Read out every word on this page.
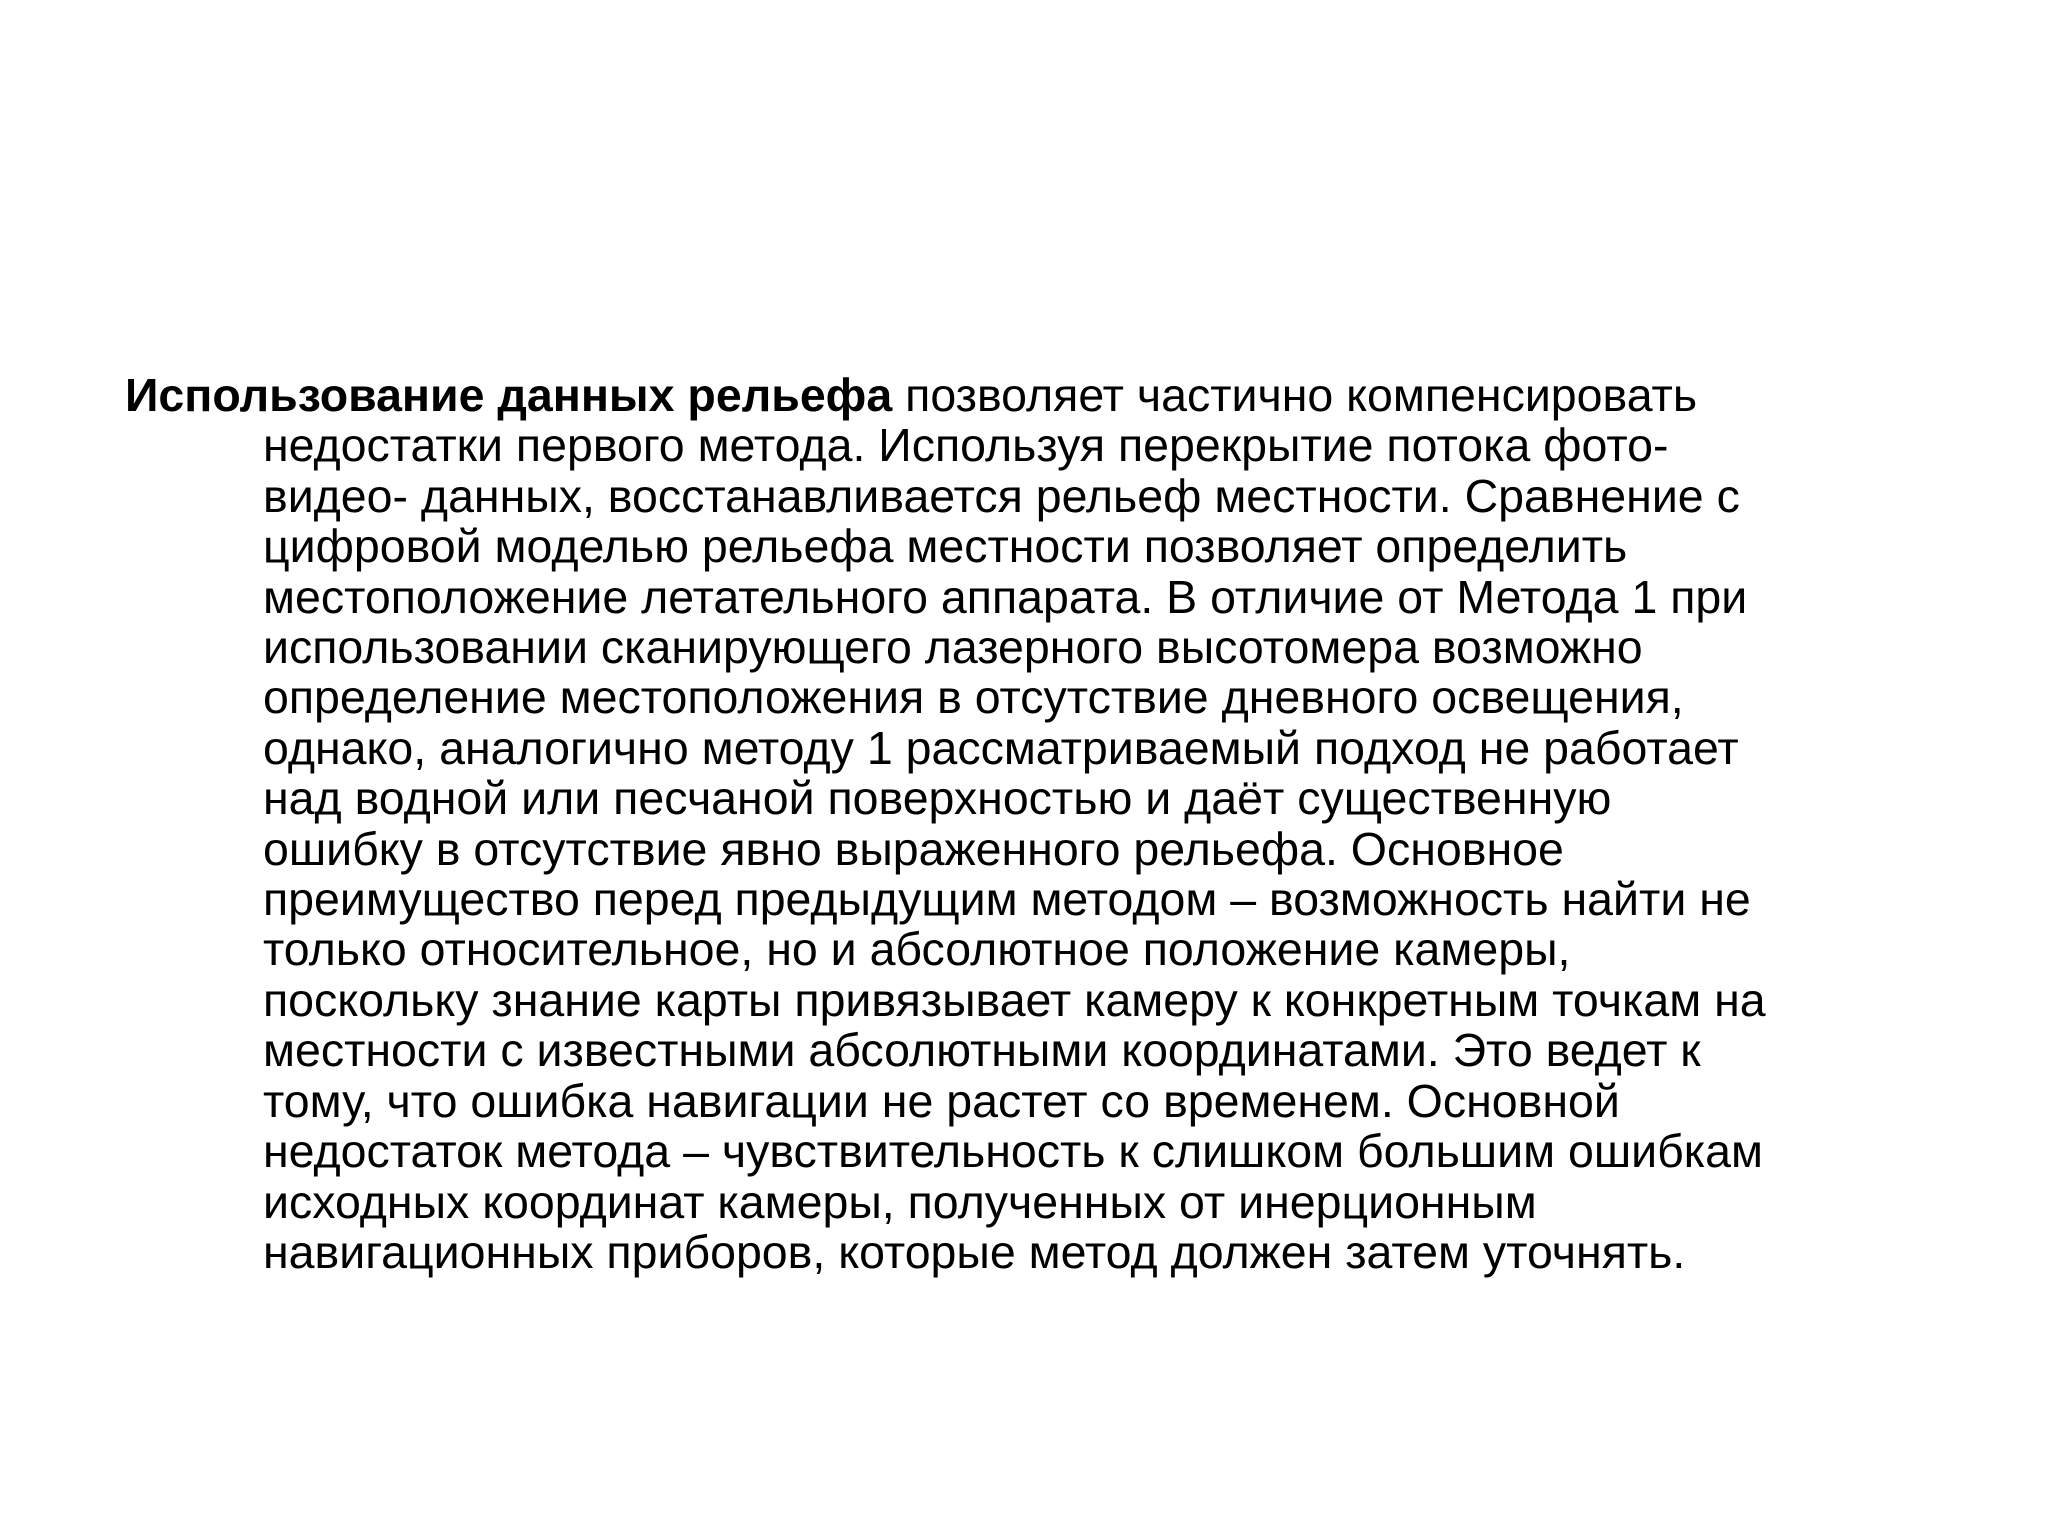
Использование данных рельефа позволяет частично компенсировать
недостатки первого метода. Используя перекрытие потока фото-
видео- данных, восстанавливается рельеф местности. Сравнение с
цифровой моделью рельефа местности позволяет определить
местоположение летательного аппарата. В отличие от Метода 1 при
использовании сканирующего лазерного высотомера возможно
определение местоположения в отсутствие дневного освещения,
однако, аналогично методу 1 рассматриваемый подход не работает
над водной или песчаной поверхностью и даёт существенную
ошибку в отсутствие явно выраженного рельефа. Основное
преимущество перед предыдущим методом – возможность найти не
только относительное, но и абсолютное положение камеры,
поскольку знание карты привязывает камеру к конкретным точкам на
местности с известными абсолютными координатами. Это ведет к
тому, что ошибка навигации не растет со временем. Основной
недостаток метода – чувствительность к слишком большим ошибкам
исходных координат камеры, полученных от инерционным
навигационных приборов, которые метод должен затем уточнять.
